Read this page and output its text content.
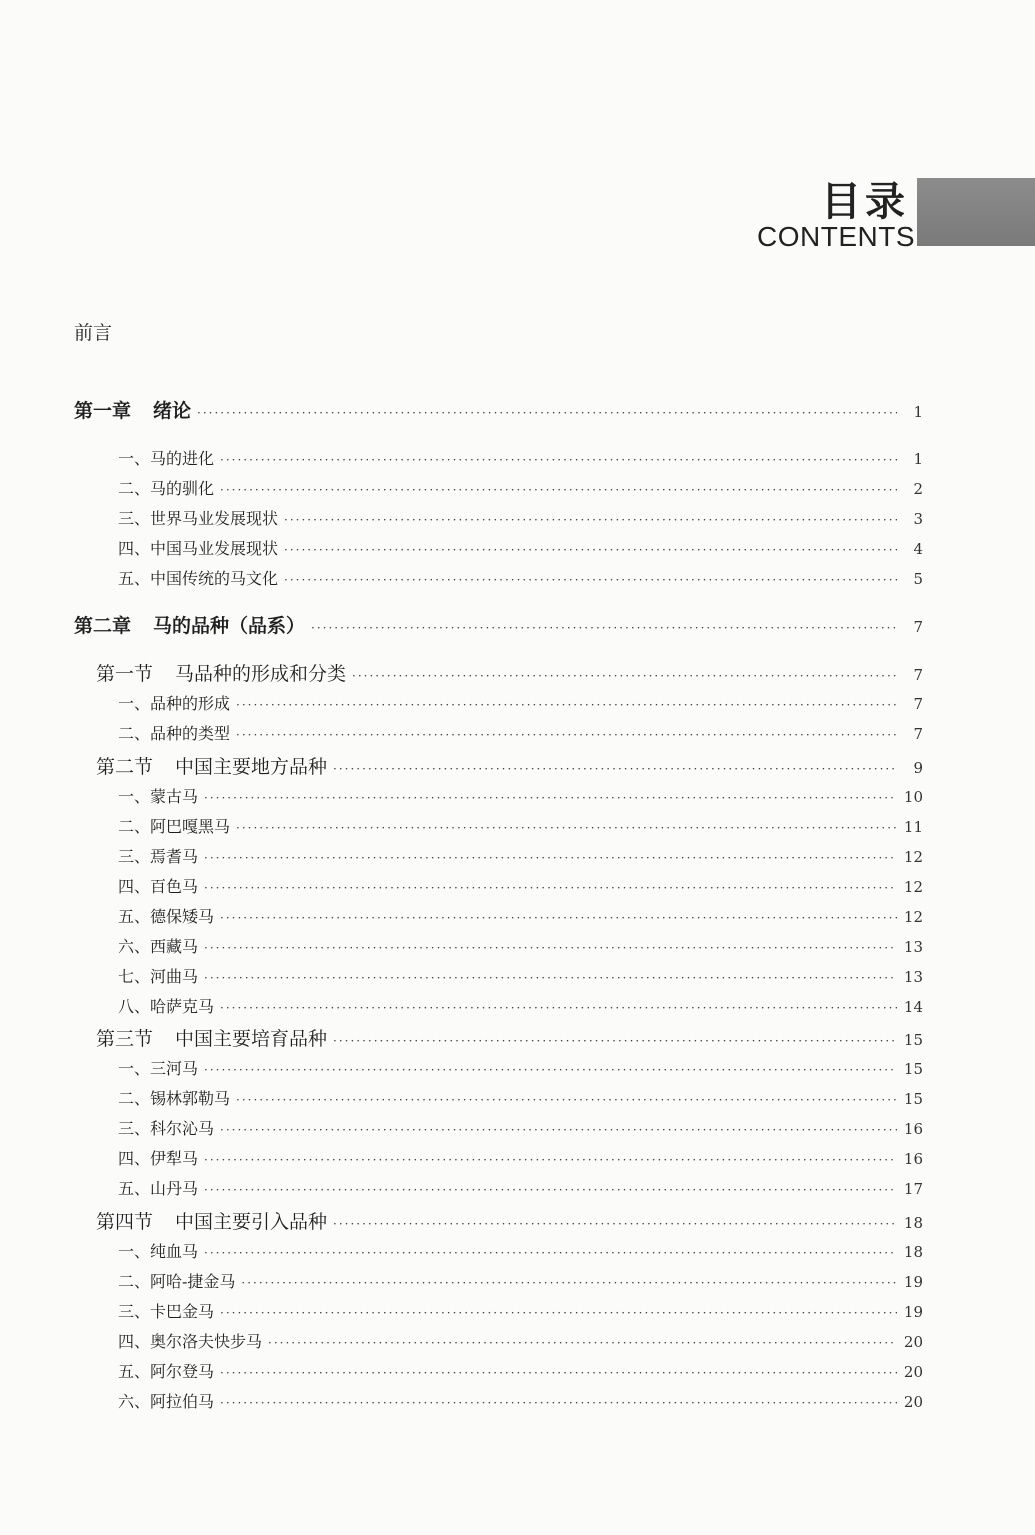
目录
CONTENTS
前言
第一章 绪论 ·····	1
一、马的进化 ·····	1
二、马的驯化 ·····	2
三、世界马业发展现状 ·····	3
四、中国马业发展现状 ·····	4
五、中国传统的马文化 ·····	5
第二章 马的品种（品系） ·····	7
第一节 马品种的形成和分类 ·····	7
一、品种的形成 ·····	7
二、品种的类型 ·····	7
第二节 中国主要地方品种 ·····	9
一、蒙古马 ·····	10
二、阿巴嘎黑马 ·····	11
三、焉耆马 ·····	12
四、百色马 ·····	12
五、德保矮马 ·····	12
六、西藏马 ·····	13
七、河曲马 ·····	13
八、哈萨克马 ·····	14
第三节 中国主要培育品种 ·····	15
一、三河马 ·····	15
二、锡林郭勒马 ·····	15
三、科尔沁马 ·····	16
四、伊犁马 ·····	16
五、山丹马 ·····	17
第四节 中国主要引入品种 ·····	18
一、纯血马 ·····	18
二、阿哈-捷金马 ·····	19
三、卡巴金马 ·····	19
四、奥尔洛夫快步马 ·····	20
五、阿尔登马 ·····	20
六、阿拉伯马 ·····	20
